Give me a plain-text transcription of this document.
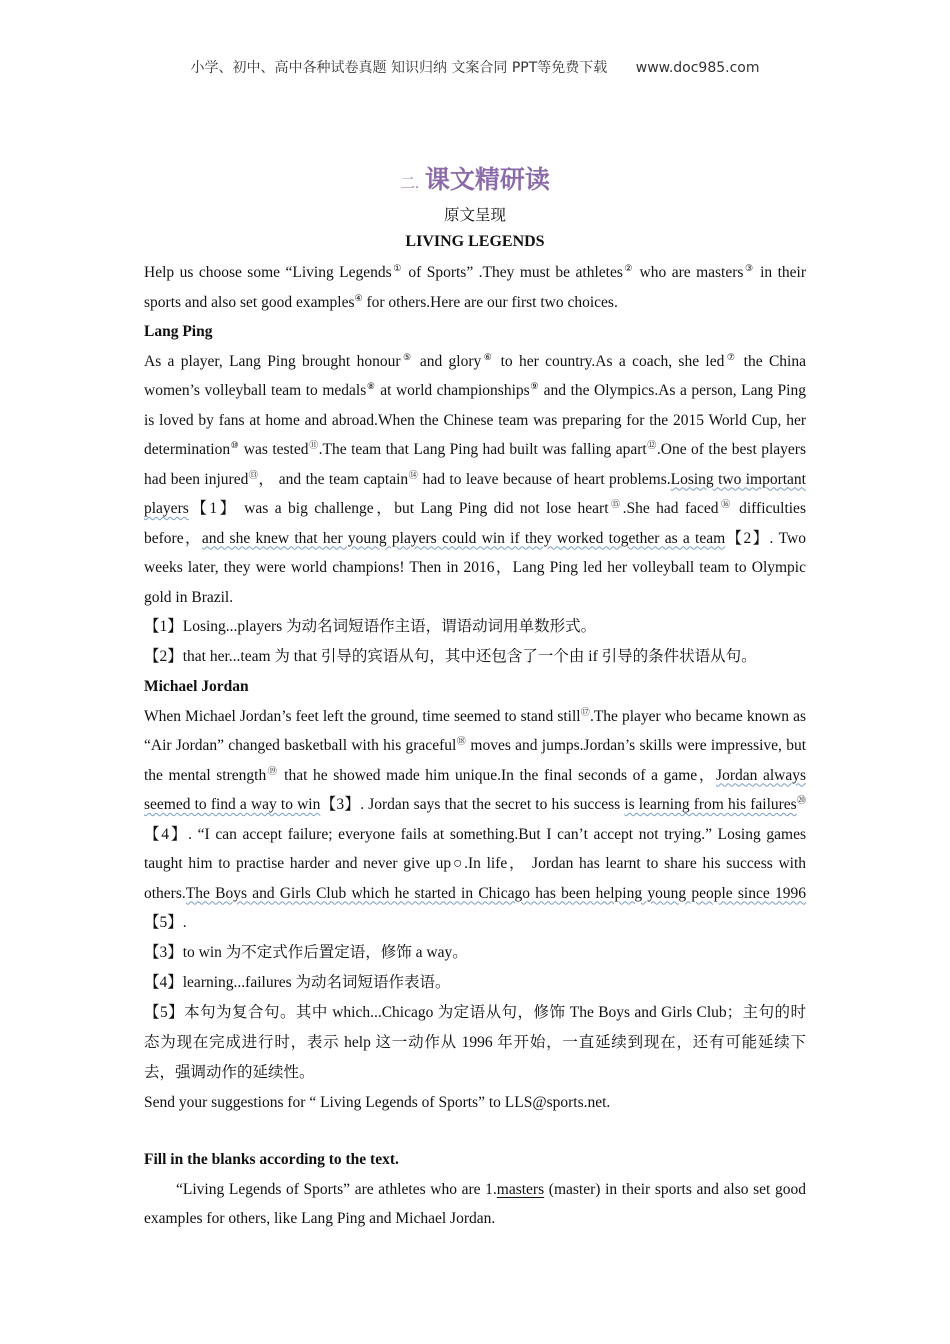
小学、初中、高中各种试卷真题 知识归纳 文案合同 PPT等免费下载 www.doc985.com
二. 课文精研读
原文呈现
LIVING LEGENDS

Help us choose some “Living Legends① of Sports” .They must be athletes② who are masters③ in their sports and also set good examples④ for others.Here are our first two choices.

Lang Ping

As a player, Lang Ping brought honour⑤ and glory⑥ to her country.As a coach, she led⑦ the China women’s volleyball team to medals⑧ at world championships⑨ and the Olympics.As a person, Lang Ping is loved by fans at home and abroad.When the Chinese team was preparing for the 2015 World Cup, her determination⑩ was tested⑪.The team that Lang Ping had built was falling apart⑫.One of the best players had been injured⑬， and the team captain⑭ had to leave because of heart problems.Losing two important players【1】 was a big challenge，but Lang Ping did not lose heart⑮.She had faced⑯ difficulties before，and she knew that her young players could win if they worked together as a team【2】. Two weeks later, they were world champions! Then in 2016，Lang Ping led her volleyball team to Olympic gold in Brazil.

【1】Losing...players 为动名词短语作主语，谓语动词用单数形式。

【2】that her...team 为 that 引导的宾语从句，其中还包含了一个由 if 引导的条件状语从句。

Michael Jordan

When Michael Jordan’s feet left the ground, time seemed to stand still⑰.The player who became known as “Air Jordan” changed basketball with his graceful⑱ moves and jumps.Jordan’s skills were impressive, but the mental strength⑲ that he showed made him unique.In the final seconds of a game，Jordan always seemed to find a way to win【3】. Jordan says that the secret to his success is learning from his failures⑳ 【4】. “I can accept failure; everyone fails at something.But I can’t accept not trying.” Losing games taught him to practise harder and never give up○.In life， Jordan has learnt to share his success with others.The Boys and Girls Club which he started in Chicago has been helping young people since 1996【5】.

【3】to win 为不定式作后置定语，修饰 a way。

【4】learning...failures 为动名词短语作表语。

【5】本句为复合句。其中 which...Chicago 为定语从句，修饰 The Boys and Girls Club；主句的时态为现在完成进行时，表示 help 这一动作从 1996 年开始，一直延续到现在，还有可能延续下去，强调动作的延续性。

Send your suggestions for “ Living Legends of Sports” to LLS@sports.net.

Fill in the blanks according to the text.

“Living Legends of Sports” are athletes who are 1.masters (master) in their sports and also set good examples for others, like Lang Ping and Michael Jordan.
